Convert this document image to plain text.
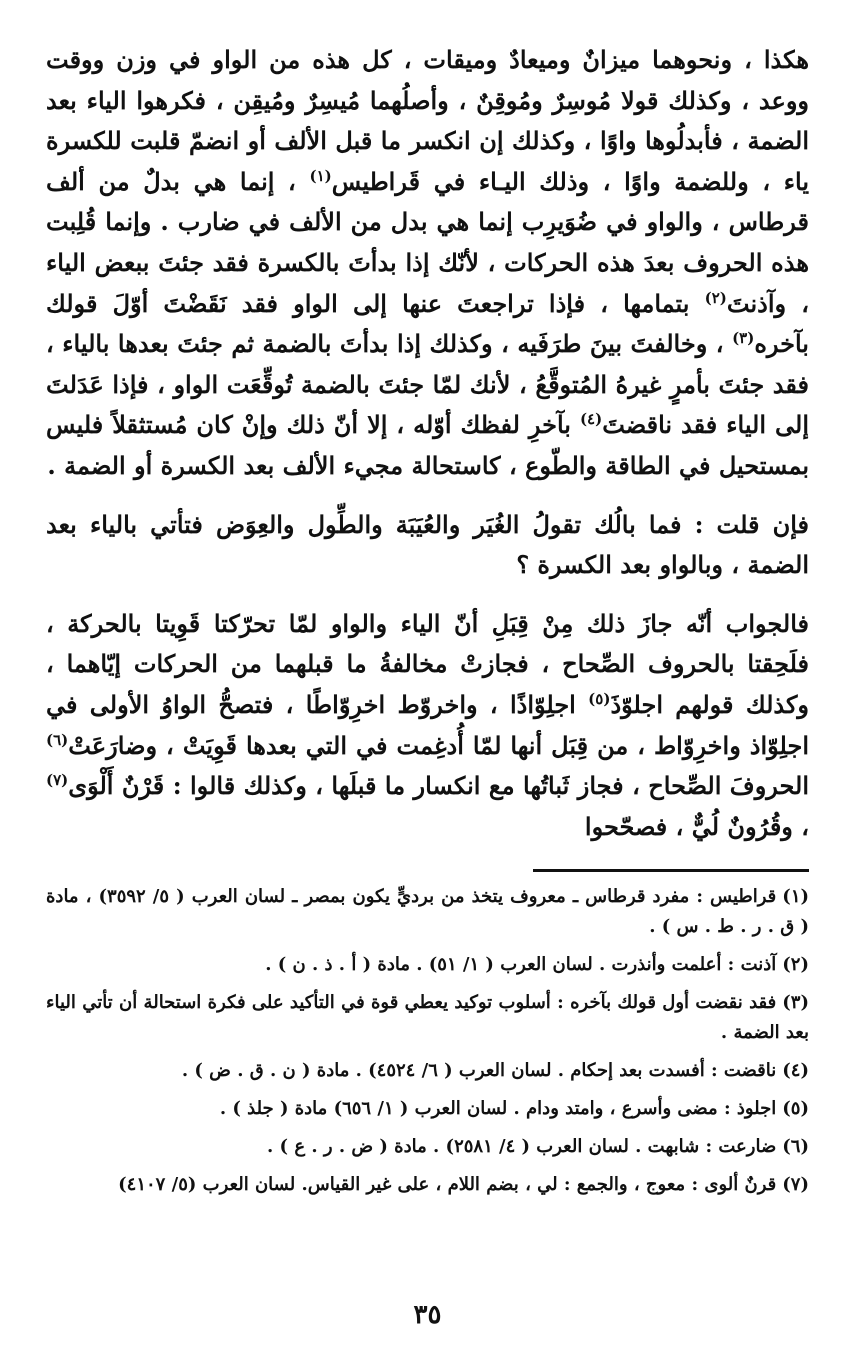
هكذا ، ونحوهما ميزانٌ وميعادٌ وميقات ، كل هذه من الواو في وزن ووقت ووعد ، وكذلك قولا مُوسِرٌ ومُوقِنٌ ، وأصلُهما مُيسِرٌ ومُيقِن ، فكرهوا الياء بعد الضمة ، فأبدلُوها واوًا ، وكذلك إن انكسر ما قبل الألف أو انضمّ قلبت للكسرة ياء ، وللضمة واوًا ، وذلك اليـاء في قَراطيس$^{(١)}$ ، إنما هي بدلٌ من ألف قرطاس ، والواو في ضُوَيرِب إنما هي بدل من الألف في ضارب . وإنما قُلِبت هذه الحروف بعدَ هذه الحركات ، لأنّك إذا بدأتَ بالكسرة فقد جئتَ ببعض الياء ، وآذنتَ$^{(٢)}$ بتمامها ، فإذا تراجعتَ عنها إلى الواو فقد نَقَضْتَ أوّلَ قولك بآخره$^{(٣)}$ ، وخالفتَ بينَ طرَفَيه ، وكذلك إذا بدأتَ بالضمة ثم جئتَ بعدها بالياء ، فقد جئتَ بأمرٍ غيرهُ المُتوقَّعُ ، لأنك لمّا جئتَ بالضمة تُوقِّعَت الواو ، فإذا عَدَلتَ إلى الياء فقد ناقضتَ$^{(٤)}$ بآخرِ لفظك أوّله ، إلا أنّ ذلك وإنْ كان مُستثقلاً فليس بمستحيل في الطاقة والطّوع ، كاستحالة مجيء الألف بعد الكسرة أو الضمة .

فإن قلت : فما بالُك تقولُ الغُيَر والعُيَبَة والطِّول والعِوَض فتأتي بالياء بعد الضمة ، وبالواو بعد الكسرة ؟

فالجواب أنّه جازَ ذلك مِنْ قِبَلِ أنّ الياء والواو لمّا تحرّكتا قَوِيتا بالحركة ، فلَحِقتا بالحروف الصِّحاح ، فجازتْ مخالفةُ ما قبلهما من الحركات إيّاهما ، وكذلك قولهم اجلوّذَ$^{(٥)}$ اجلِوّاذًا ، واخروّط اخرِوّاطًا ، فتصحُّ الواوُ الأولى في اجلِوّاذ واخرِوّاط ، من قِبَل أنها لمّا أُدغِمت في التي بعدها قَوِيَتْ ، وضارَعَتْ$^{(٦)}$ الحروفَ الصِّحاح ، فجاز ثَباتُها مع انكسار ما قبلَها ، وكذلك قالوا : قَرْنٌ أَلْوَى$^{(٧)}$ ، وقُرُونٌ لُيٌّ ، فصحّحوا

(١)قراطيس : مفرد قرطاس ـ معروف يتخذ من برديٍّ يكون بمصر ـ لسان العرب ( ٥/ ٣٥٩٢) ، مادة ( ق . ر . ط . س ) .
(٢)آذنت : أعلمت وأنذرت . لسان العرب ( ١/ ٥١) . مادة ( أ . ذ . ن ) .
(٣)فقد نقضت أول قولك بآخره : أسلوب توكيد يعطي قوة في التأكيد على فكرة استحالة أن تأتي الياء بعد الضمة .
(٤)ناقضت : أفسدت بعد إحكام . لسان العرب ( ٦/ ٤٥٢٤) . مادة ( ن . ق . ض ) .
(٥)اجلوذ : مضى وأسرع ، وامتد ودام . لسان العرب ( ١/ ٦٥٦) مادة ( جلذ ) .
(٦)ضارعت : شابهت . لسان العرب ( ٤/ ٢٥٨١) . مادة ( ض . ر . ع ) .
(٧)قرنٌ ألوى : معوج ، والجمع : لي ، بضم اللام ، على غير القياس. لسان العرب (٥/ ٤١٠٧)
٣٥
